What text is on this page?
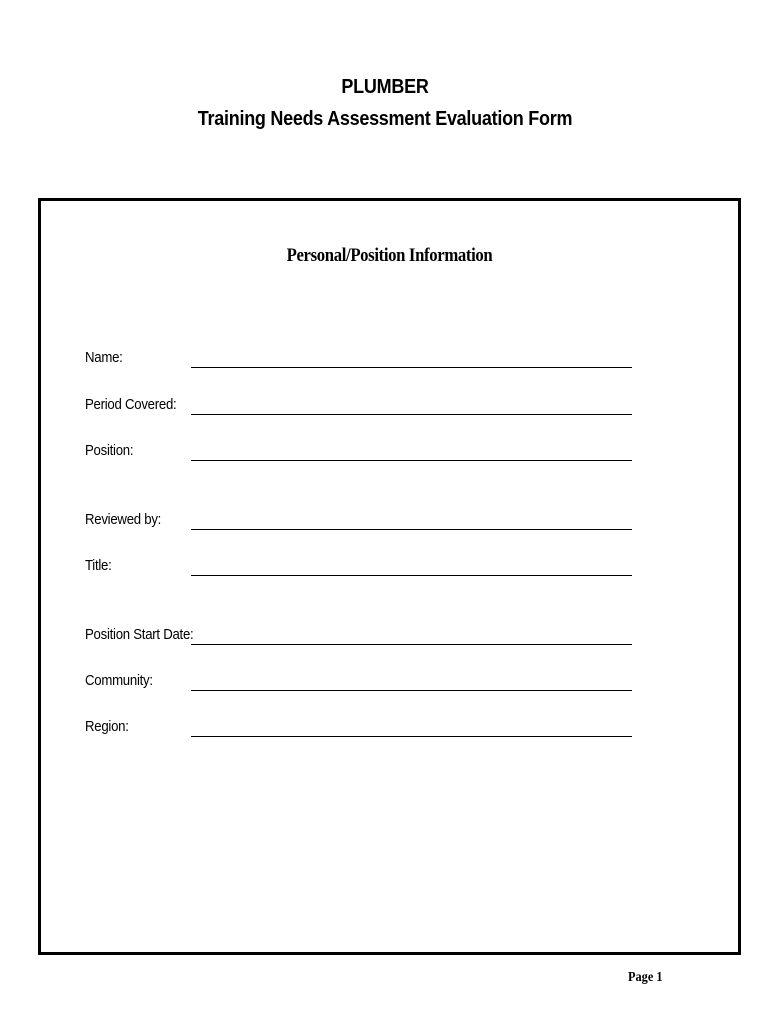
PLUMBER
Training Needs Assessment Evaluation Form
Personal/Position Information
Name:
Period Covered:
Position:
Reviewed by:
Title:
Position Start Date:
Community:
Region:
Page 1
